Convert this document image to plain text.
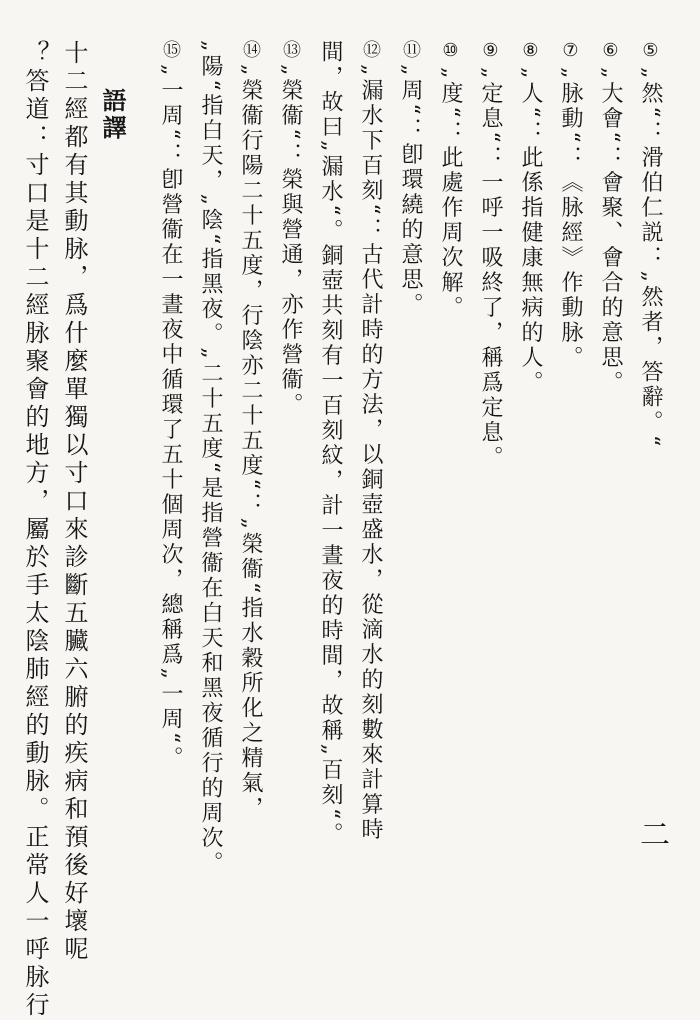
⑤„然“：滑伯仁説：„然者，答辭。“
⑥„大會“：會聚、會合的意思。
⑦„脉動“：《脉經》作動脉。
⑧„人“：此係指健康無病的人。
⑨„定息“：一呼一吸終了，稱爲定息。
⑩„度“：此處作周次解。
⑪„周“：卽環繞的意思。
⑫„漏水下百刻“：古代計時的方法，以銅壺盛水，從滴水的刻數來計算時
間，故曰„漏水“。銅壺共刻有一百刻紋，計一晝夜的時間，故稱„百刻“。
⑬„榮衞“：榮與營通，亦作營衞。
⑭„榮衞行陽二十五度，行陰亦二十五度“：„榮衞“指水穀所化之精氣，
„陽“指白天，„陰“指黑夜。„二十五度“是指營衞在白天和黑夜循行的周次。
⑮„一周“：卽營衞在一晝夜中循環了五十個周次，總稱爲„一周“。
語譯
十二經都有其動脉，爲什麼單獨以寸口來診斷五臟六腑的疾病和預後好壞呢
？答道：寸口是十二經脉聚會的地方，屬於手太陰肺經的動脉。正常人一呼脉行	二
